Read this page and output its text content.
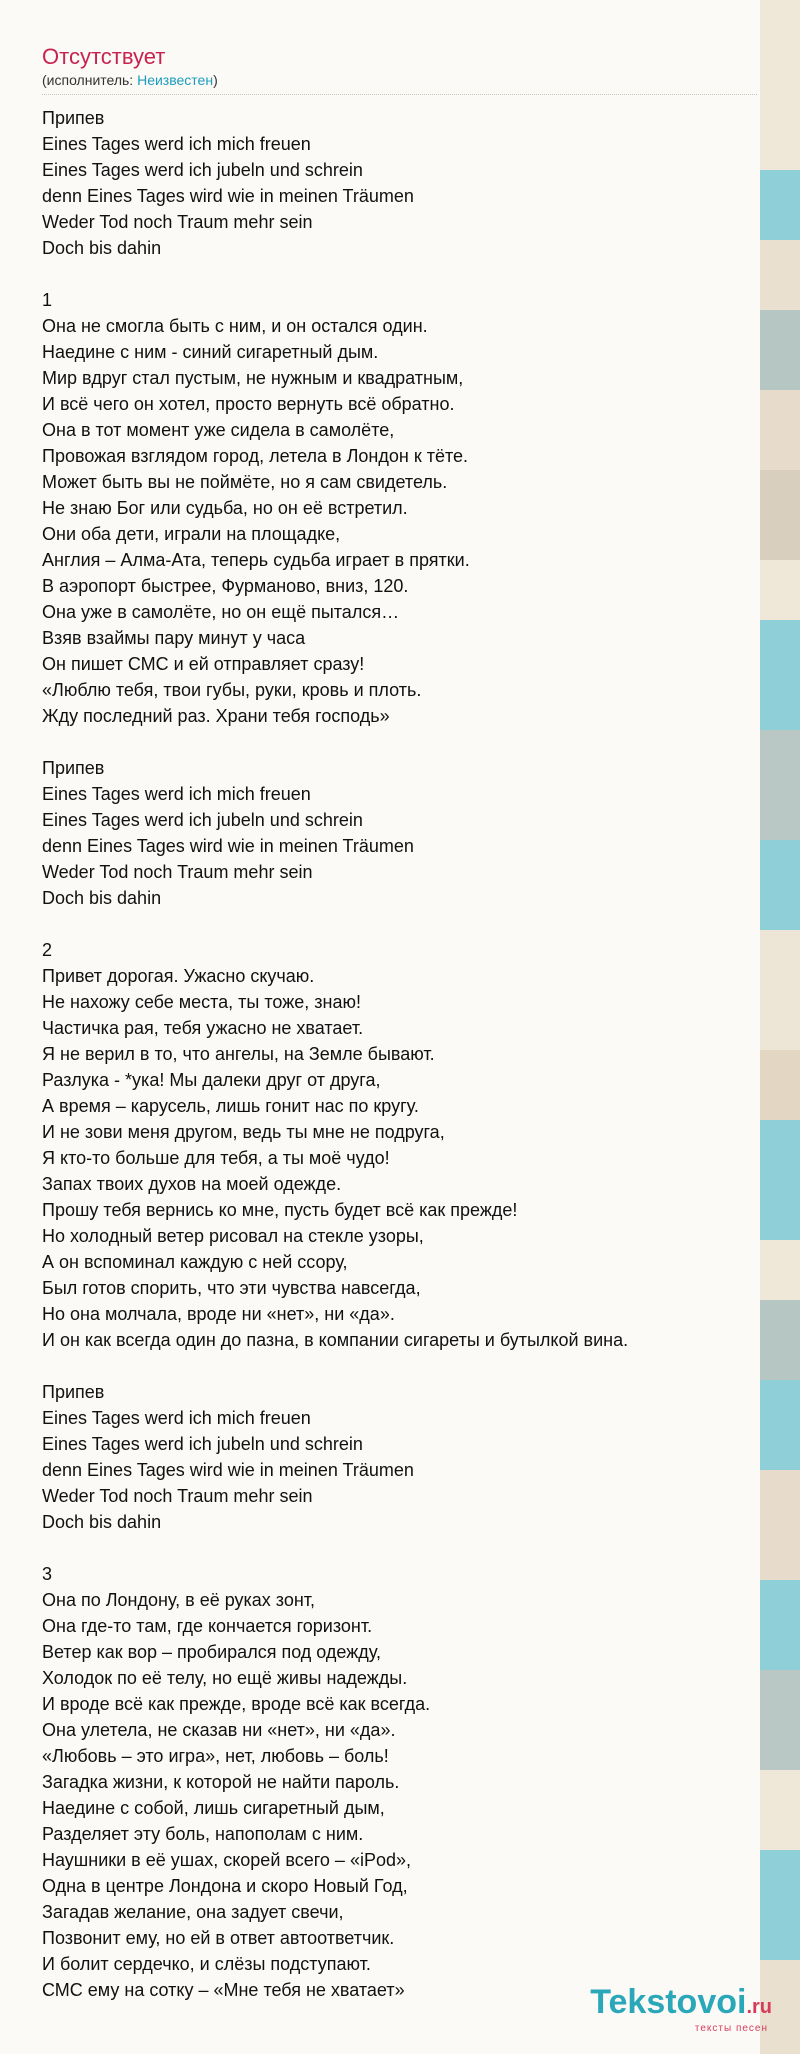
Отсутствует
(исполнитель: Неизвестен)
Припев
Eines Tages werd ich mich freuen
Eines Tages werd ich jubeln und schrein
denn Eines Tages wird wie in meinen Träumen
Weder Tod noch Traum mehr sein
Doch bis dahin
1
Она не смогла быть с ним, и он остался один.
Наедине с ним - синий сигаретный дым.
Мир вдруг стал пустым, не нужным и квадратным,
И всё чего он хотел, просто вернуть всё обратно.
Она в тот момент уже сидела в самолёте,
Провожая взглядом город, летела в Лондон к тёте.
Может быть вы не поймёте, но я сам свидетель.
Не знаю Бог или судьба, но он её встретил.
Они оба дети, играли на площадке,
Англия – Алма-Ата, теперь судьба играет в прятки.
В аэропорт быстрее, Фурманово, вниз, 120.
Она уже в самолёте, но он ещё пытался…
Взяв взаймы пару минут у часа
Он пишет СМС и ей отправляет сразу!
«Люблю тебя, твои губы, руки, кровь и плоть.
Жду последний раз. Храни тебя господь»
Припев
Eines Tages werd ich mich freuen
Eines Tages werd ich jubeln und schrein
denn Eines Tages wird wie in meinen Träumen
Weder Tod noch Traum mehr sein
Doch bis dahin
2
Привет дорогая. Ужасно скучаю.
Не нахожу себе места, ты тоже, знаю!
Частичка рая, тебя ужасно не хватает.
Я не верил в то, что ангелы, на Земле бывают.
Разлука - *ука! Мы далеки друг от друга,
А время – карусель, лишь гонит нас по кругу.
И не зови меня другом, ведь ты мне не подруга,
Я кто-то больше для тебя, а ты моё чудо!
Запах твоих духов на моей одежде.
Прошу тебя вернись ко мне, пусть будет всё как прежде!
Но холодный ветер рисовал на стекле узоры,
А он вспоминал каждую с ней ссору,
Был готов спорить, что эти чувства навсегда,
Но она молчала, вроде ни «нет», ни «да».
И он как всегда один до пазна, в компании сигареты и бутылкой вина.
Припев
Eines Tages werd ich mich freuen
Eines Tages werd ich jubeln und schrein
denn Eines Tages wird wie in meinen Träumen
Weder Tod noch Traum mehr sein
Doch bis dahin
3
Она по Лондону, в её руках зонт,
Она где-то там, где кончается горизонт.
Ветер как вор – пробирался под одежду,
Холодок по её телу, но ещё живы надежды.
И вроде всё как прежде, вроде всё как всегда.
Она улетела, не сказав ни «нет», ни «да».
«Любовь – это игра», нет, любовь – боль!
Загадка жизни, к которой не найти пароль.
Наедине с собой, лишь сигаретный дым,
Разделяет эту боль, напополам с ним.
Наушники в её ушах, скорей всего – «iPod»,
Одна в центре Лондона и скоро Новый Год,
Загадав желание, она задует свечи,
Позвонит ему, но ей в ответ автоответчик.
И болит сердечко, и слёзы подступают.
СМС ему на сотку – «Мне тебя не хватает»	Tekstovoi.ru
тексты песен
